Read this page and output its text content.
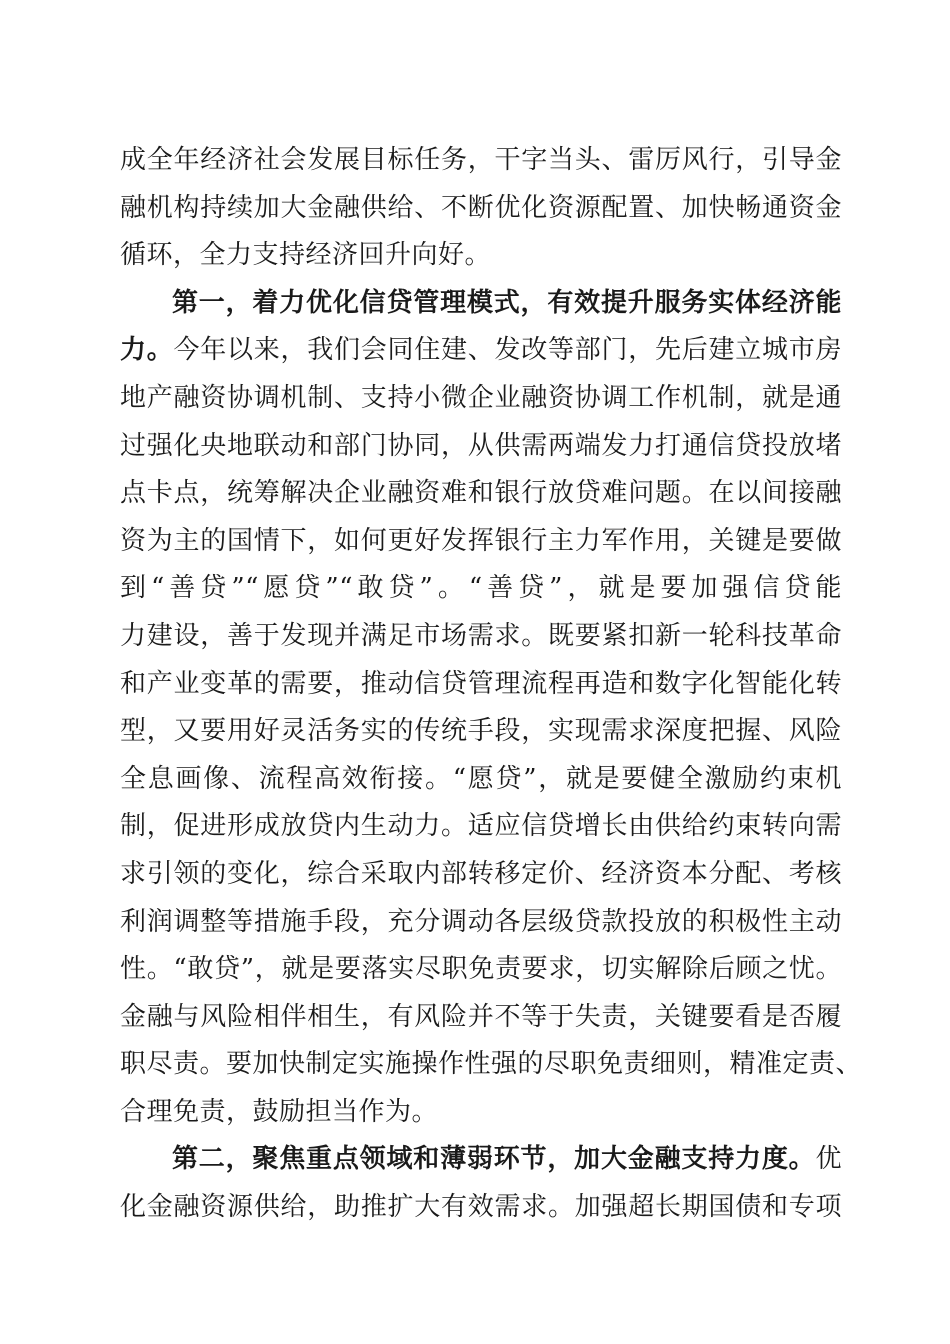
成全年经济社会发展目标任务，干字当头、雷厉风行，引导金
融机构持续加大金融供给、不断优化资源配置、加快畅通资金
循环，全力支持经济回升向好。
第一，着力优化信贷管理模式，有效提升服务实体经济能
力。今年以来，我们会同住建、发改等部门，先后建立城市房
地产融资协调机制、支持小微企业融资协调工作机制，就是通
过强化央地联动和部门协同，从供需两端发力打通信贷投放堵
点卡点，统筹解决企业融资难和银行放贷难问题。在以间接融
资为主的国情下，如何更好发挥银行主力军作用，关键是要做
到“善贷”“愿贷”“敢贷”。“善贷”，就是要加强信贷能
力建设，善于发现并满足市场需求。既要紧扣新一轮科技革命
和产业变革的需要，推动信贷管理流程再造和数字化智能化转
型，又要用好灵活务实的传统手段，实现需求深度把握、风险
全息画像、流程高效衔接。“愿贷”，就是要健全激励约束机
制，促进形成放贷内生动力。适应信贷增长由供给约束转向需
求引领的变化，综合采取内部转移定价、经济资本分配、考核
利润调整等措施手段，充分调动各层级贷款投放的积极性主动
性。“敢贷”，就是要落实尽职免责要求，切实解除后顾之忧。
金融与风险相伴相生，有风险并不等于失责，关键要看是否履
职尽责。要加快制定实施操作性强的尽职免责细则，精准定责、
合理免责，鼓励担当作为。
第二，聚焦重点领域和薄弱环节，加大金融支持力度。优
化金融资源供给，助推扩大有效需求。加强超长期国债和专项
